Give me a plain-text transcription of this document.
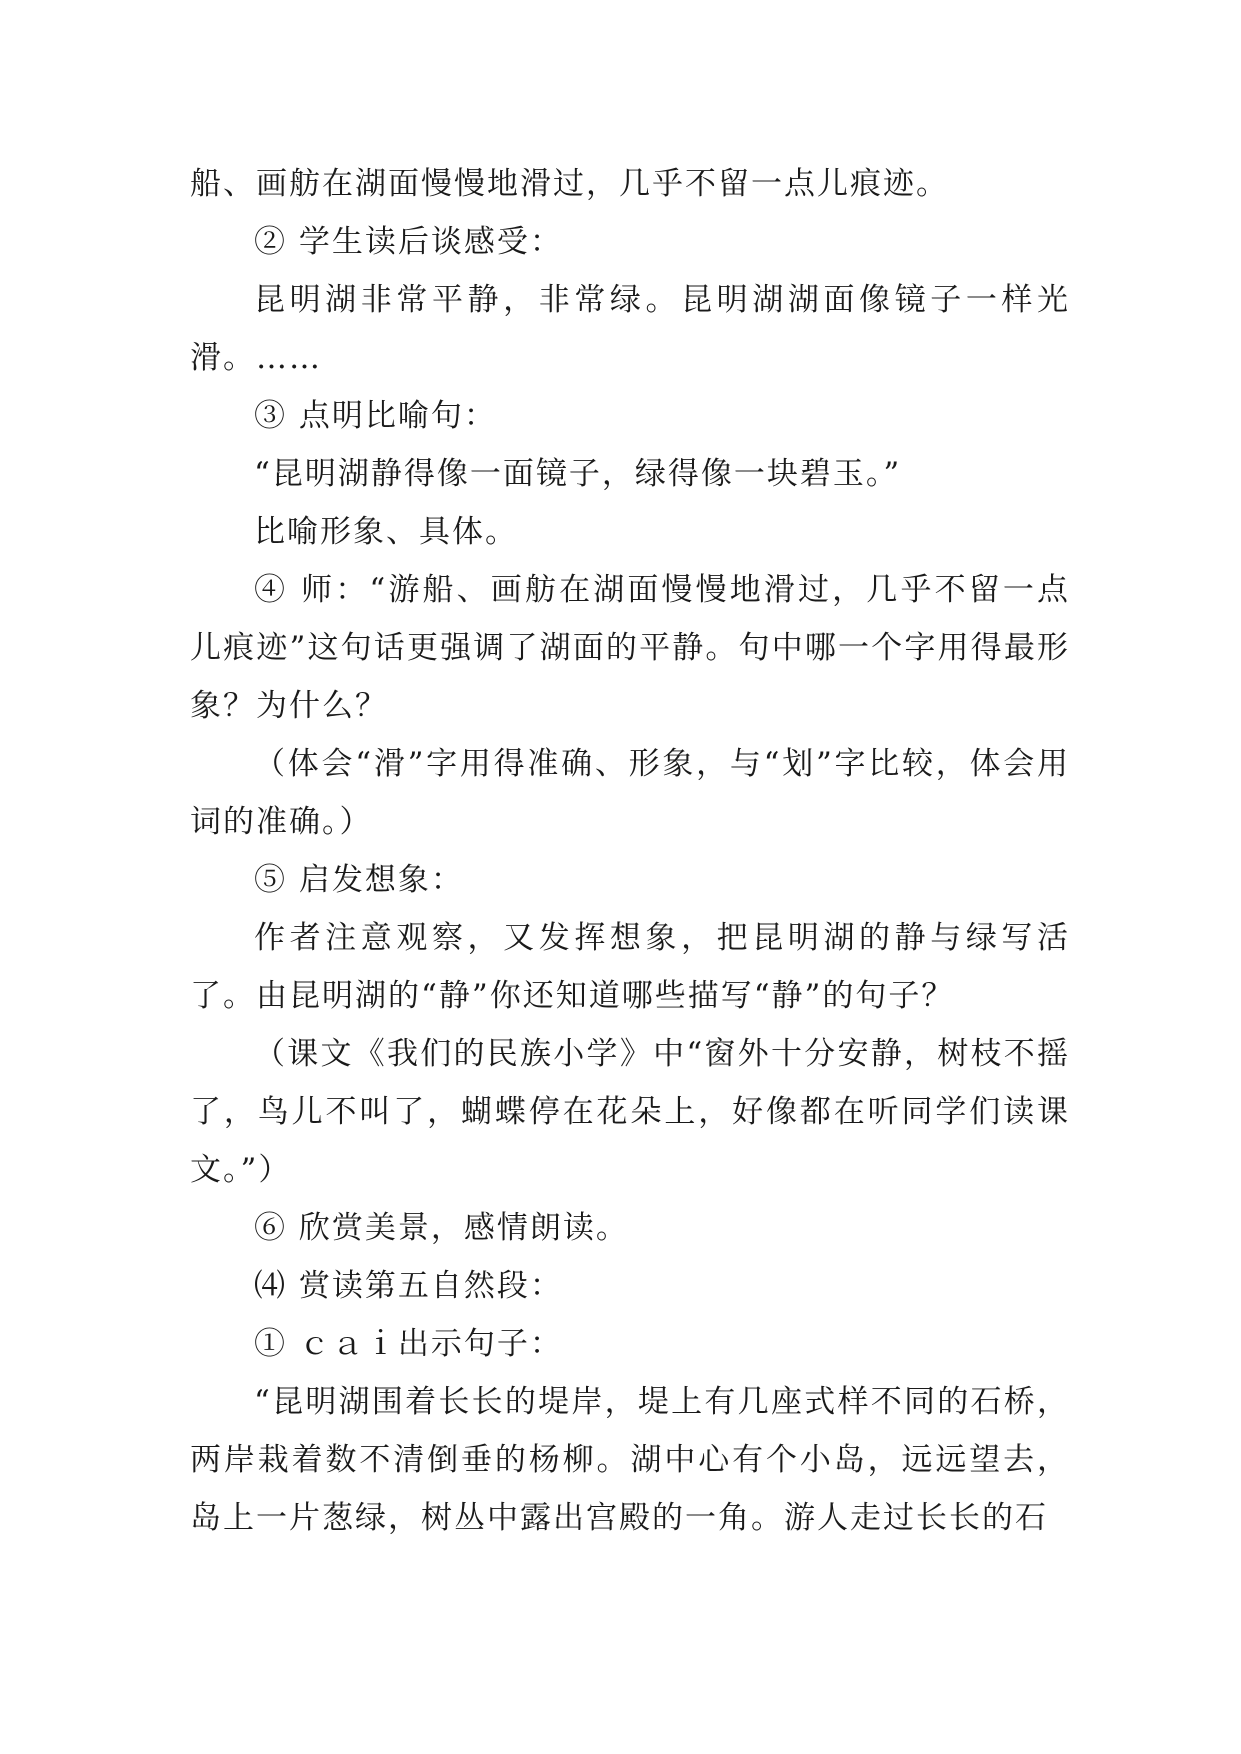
船、画舫在湖面慢慢地滑过，几乎不留一点儿痕迹。

② 学生读后谈感受：

昆明湖非常平静，非常绿。昆明湖湖面像镜子一样光滑。……

③ 点明比喻句：

“昆明湖静得像一面镜子，绿得像一块碧玉。”

比喻形象、具体。

④ 师：“游船、画舫在湖面慢慢地滑过，几乎不留一点儿痕迹”这句话更强调了湖面的平静。句中哪一个字用得最形象？为什么？

（体会“滑”字用得准确、形象，与“划”字比较，体会用词的准确。）

⑤ 启发想象：

作者注意观察，又发挥想象，把昆明湖的静与绿写活了。由昆明湖的“静”你还知道哪些描写“静”的句子？

（课文《我们的民族小学》中“窗外十分安静，树枝不摇了，鸟儿不叫了，蝴蝶停在花朵上，好像都在听同学们读课文。”）

⑥ 欣赏美景，感情朗读。

⑷ 赏读第五自然段：

① ｃａｉ出示句子：

“昆明湖围着长长的堤岸，堤上有几座式样不同的石桥，两岸栽着数不清倒垂的杨柳。湖中心有个小岛，远远望去，岛上一片葱绿，树丛中露出宫殿的一角。游人走过长长的石
